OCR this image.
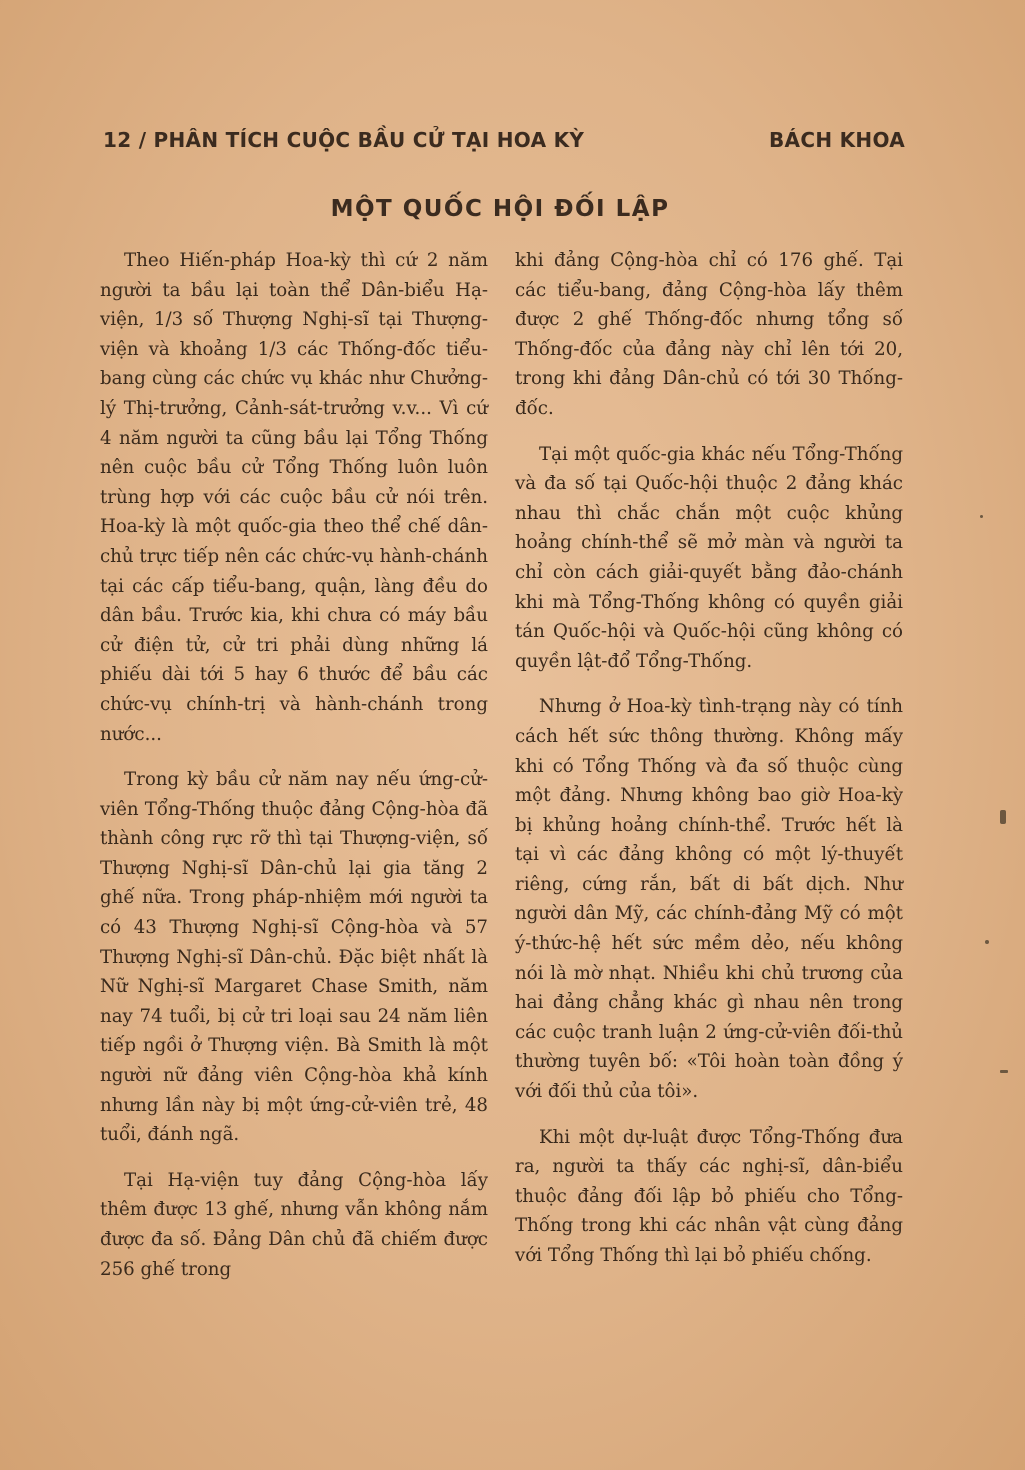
12 / PHÂN TÍCH CUỘC BẦU CỬ TẠI HOA KỲ	BÁCH KHOA
MỘT QUỐC HỘI ĐỐI LẬP

Theo Hiến-pháp Hoa-kỳ thì cứ 2 năm người ta bầu lại toàn thể Dân-biểu Hạ-viện, 1/3 số Thượng Nghị-sĩ tại Thượng-viện và khoảng 1/3 các Thống-đốc tiểu-bang cùng các chức vụ khác như Chưởng-lý Thị-trưởng, Cảnh-sát-trưởng v.v... Vì cứ 4 năm người ta cũng bầu lại Tổng Thống nên cuộc bầu cử Tổng Thống luôn luôn trùng hợp với các cuộc bầu cử nói trên. Hoa-kỳ là một quốc-gia theo thể chế dân-chủ trực tiếp nên các chức-vụ hành-chánh tại các cấp tiểu-bang, quận, làng đều do dân bầu. Trước kia, khi chưa có máy bầu cử điện tử, cử tri phải dùng những lá phiếu dài tới 5 hay 6 thước để bầu các chức-vụ chính-trị và hành-chánh trong nước...

Trong kỳ bầu cử năm nay nếu ứng-cử-viên Tổng-Thống thuộc đảng Cộng-hòa đã thành công rực rỡ thì tại Thượng-viện, số Thượng Nghị-sĩ Dân-chủ lại gia tăng 2 ghế nữa. Trong pháp-nhiệm mới người ta có 43 Thượng Nghị-sĩ Cộng-hòa và 57 Thượng Nghị-sĩ Dân-chủ. Đặc biệt nhất là Nữ Nghị-sĩ Margaret Chase Smith, năm nay 74 tuổi, bị cử tri loại sau 24 năm liên tiếp ngồi ở Thượng viện. Bà Smith là một người nữ đảng viên Cộng-hòa khả kính nhưng lần này bị một ứng-cử-viên trẻ, 48 tuổi, đánh ngã.

Tại Hạ-viện tuy đảng Cộng-hòa lấy thêm được 13 ghế, nhưng vẫn không nắm được đa số. Đảng Dân chủ đã chiếm được 256 ghế trong

khi đảng Cộng-hòa chỉ có 176 ghế. Tại các tiểu-bang, đảng Cộng-hòa lấy thêm được 2 ghế Thống-đốc nhưng tổng số Thống-đốc của đảng này chỉ lên tới 20, trong khi đảng Dân-chủ có tới 30 Thống-đốc.

Tại một quốc-gia khác nếu Tổng-Thống và đa số tại Quốc-hội thuộc 2 đảng khác nhau thì chắc chắn một cuộc khủng hoảng chính-thể sẽ mở màn và người ta chỉ còn cách giải-quyết bằng đảo-chánh khi mà Tổng-Thống không có quyền giải tán Quốc-hội và Quốc-hội cũng không có quyền lật-đổ Tổng-Thống.

Nhưng ở Hoa-kỳ tình-trạng này có tính cách hết sức thông thường. Không mấy khi có Tổng Thống và đa số thuộc cùng một đảng. Nhưng không bao giờ Hoa-kỳ bị khủng hoảng chính-thể. Trước hết là tại vì các đảng không có một lý-thuyết riêng, cứng rắn, bất di bất dịch. Như người dân Mỹ, các chính-đảng Mỹ có một ý-thức-hệ hết sức mềm dẻo, nếu không nói là mờ nhạt. Nhiều khi chủ trương của hai đảng chẳng khác gì nhau nên trong các cuộc tranh luận 2 ứng-cử-viên đối-thủ thường tuyên bố: «Tôi hoàn toàn đồng ý với đối thủ của tôi».

Khi một dự-luật được Tổng-Thống đưa ra, người ta thấy các nghị-sĩ, dân-biểu thuộc đảng đối lập bỏ phiếu cho Tổng-Thống trong khi các nhân vật cùng đảng với Tổng Thống thì lại bỏ phiếu chống.
